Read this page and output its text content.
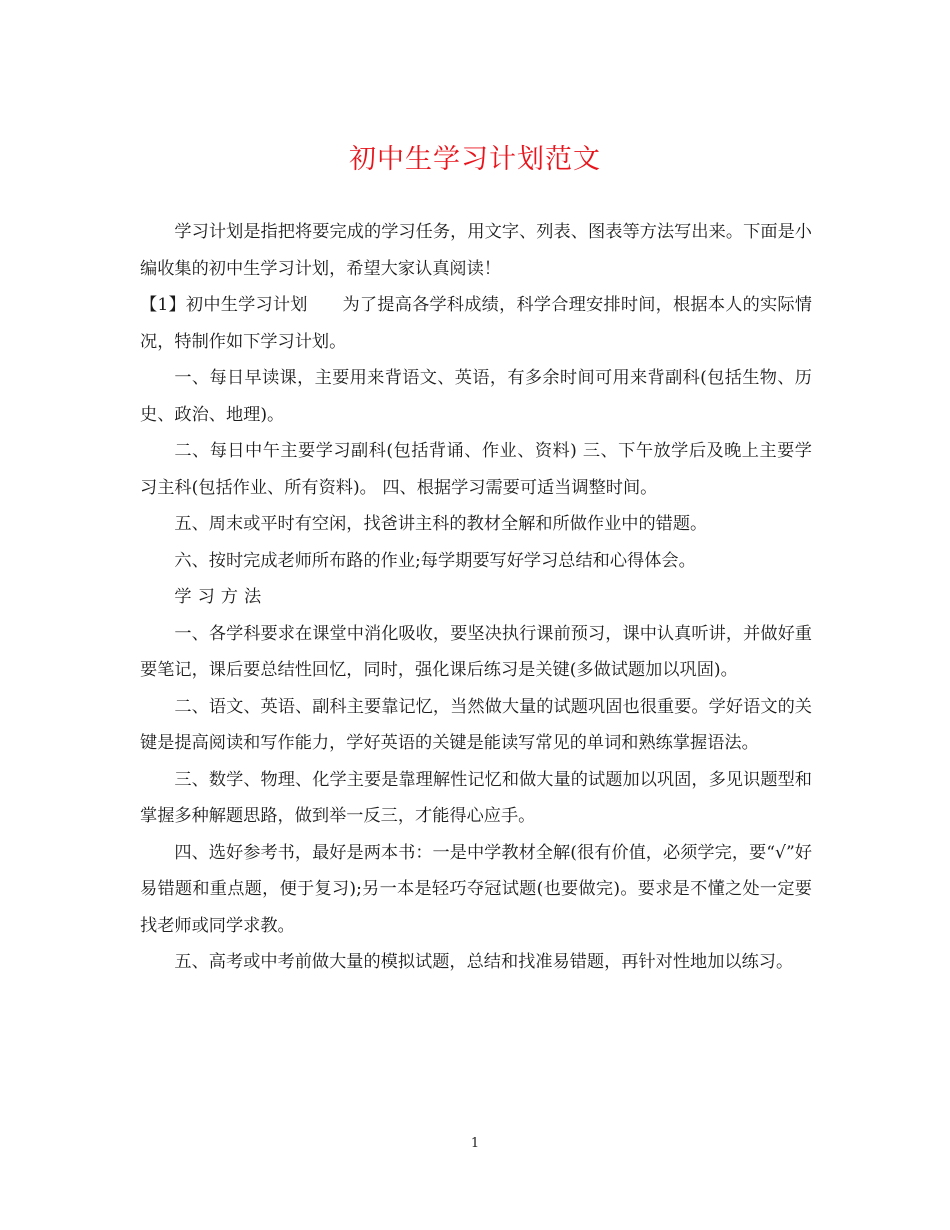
初中生学习计划范文

学习计划是指把将要完成的学习任务，用文字、列表、图表等方法写出来。下面是小编收集的初中生学习计划，希望大家认真阅读！

【1】初中生学习计划　　为了提高各学科成绩，科学合理安排时间，根据本人的实际情况，特制作如下学习计划。

一、每日早读课，主要用来背语文、英语，有多余时间可用来背副科(包括生物、历史、政治、地理)。

二、每日中午主要学习副科(包括背诵、作业、资料) 三、下午放学后及晚上主要学习主科(包括作业、所有资料)。 四、根据学习需要可适当调整时间。

五、周末或平时有空闲，找爸讲主科的教材全解和所做作业中的错题。

六、按时完成老师所布路的作业;每学期要写好学习总结和心得体会。

学习方法

一、各学科要求在课堂中消化吸收，要坚决执行课前预习，课中认真听讲，并做好重要笔记，课后要总结性回忆，同时，强化课后练习是关键(多做试题加以巩固)。

二、语文、英语、副科主要靠记忆，当然做大量的试题巩固也很重要。学好语文的关键是提高阅读和写作能力，学好英语的关键是能读写常见的单词和熟练掌握语法。

三、数学、物理、化学主要是靠理解性记忆和做大量的试题加以巩固，多见识题型和掌握多种解题思路，做到举一反三，才能得心应手。

四、选好参考书，最好是两本书：一是中学教材全解(很有价值，必须学完，要“√”好易错题和重点题，便于复习);另一本是轻巧夺冠试题(也要做完)。要求是不懂之处一定要找老师或同学求教。

五、高考或中考前做大量的模拟试题，总结和找准易错题，再针对性地加以练习。

1
